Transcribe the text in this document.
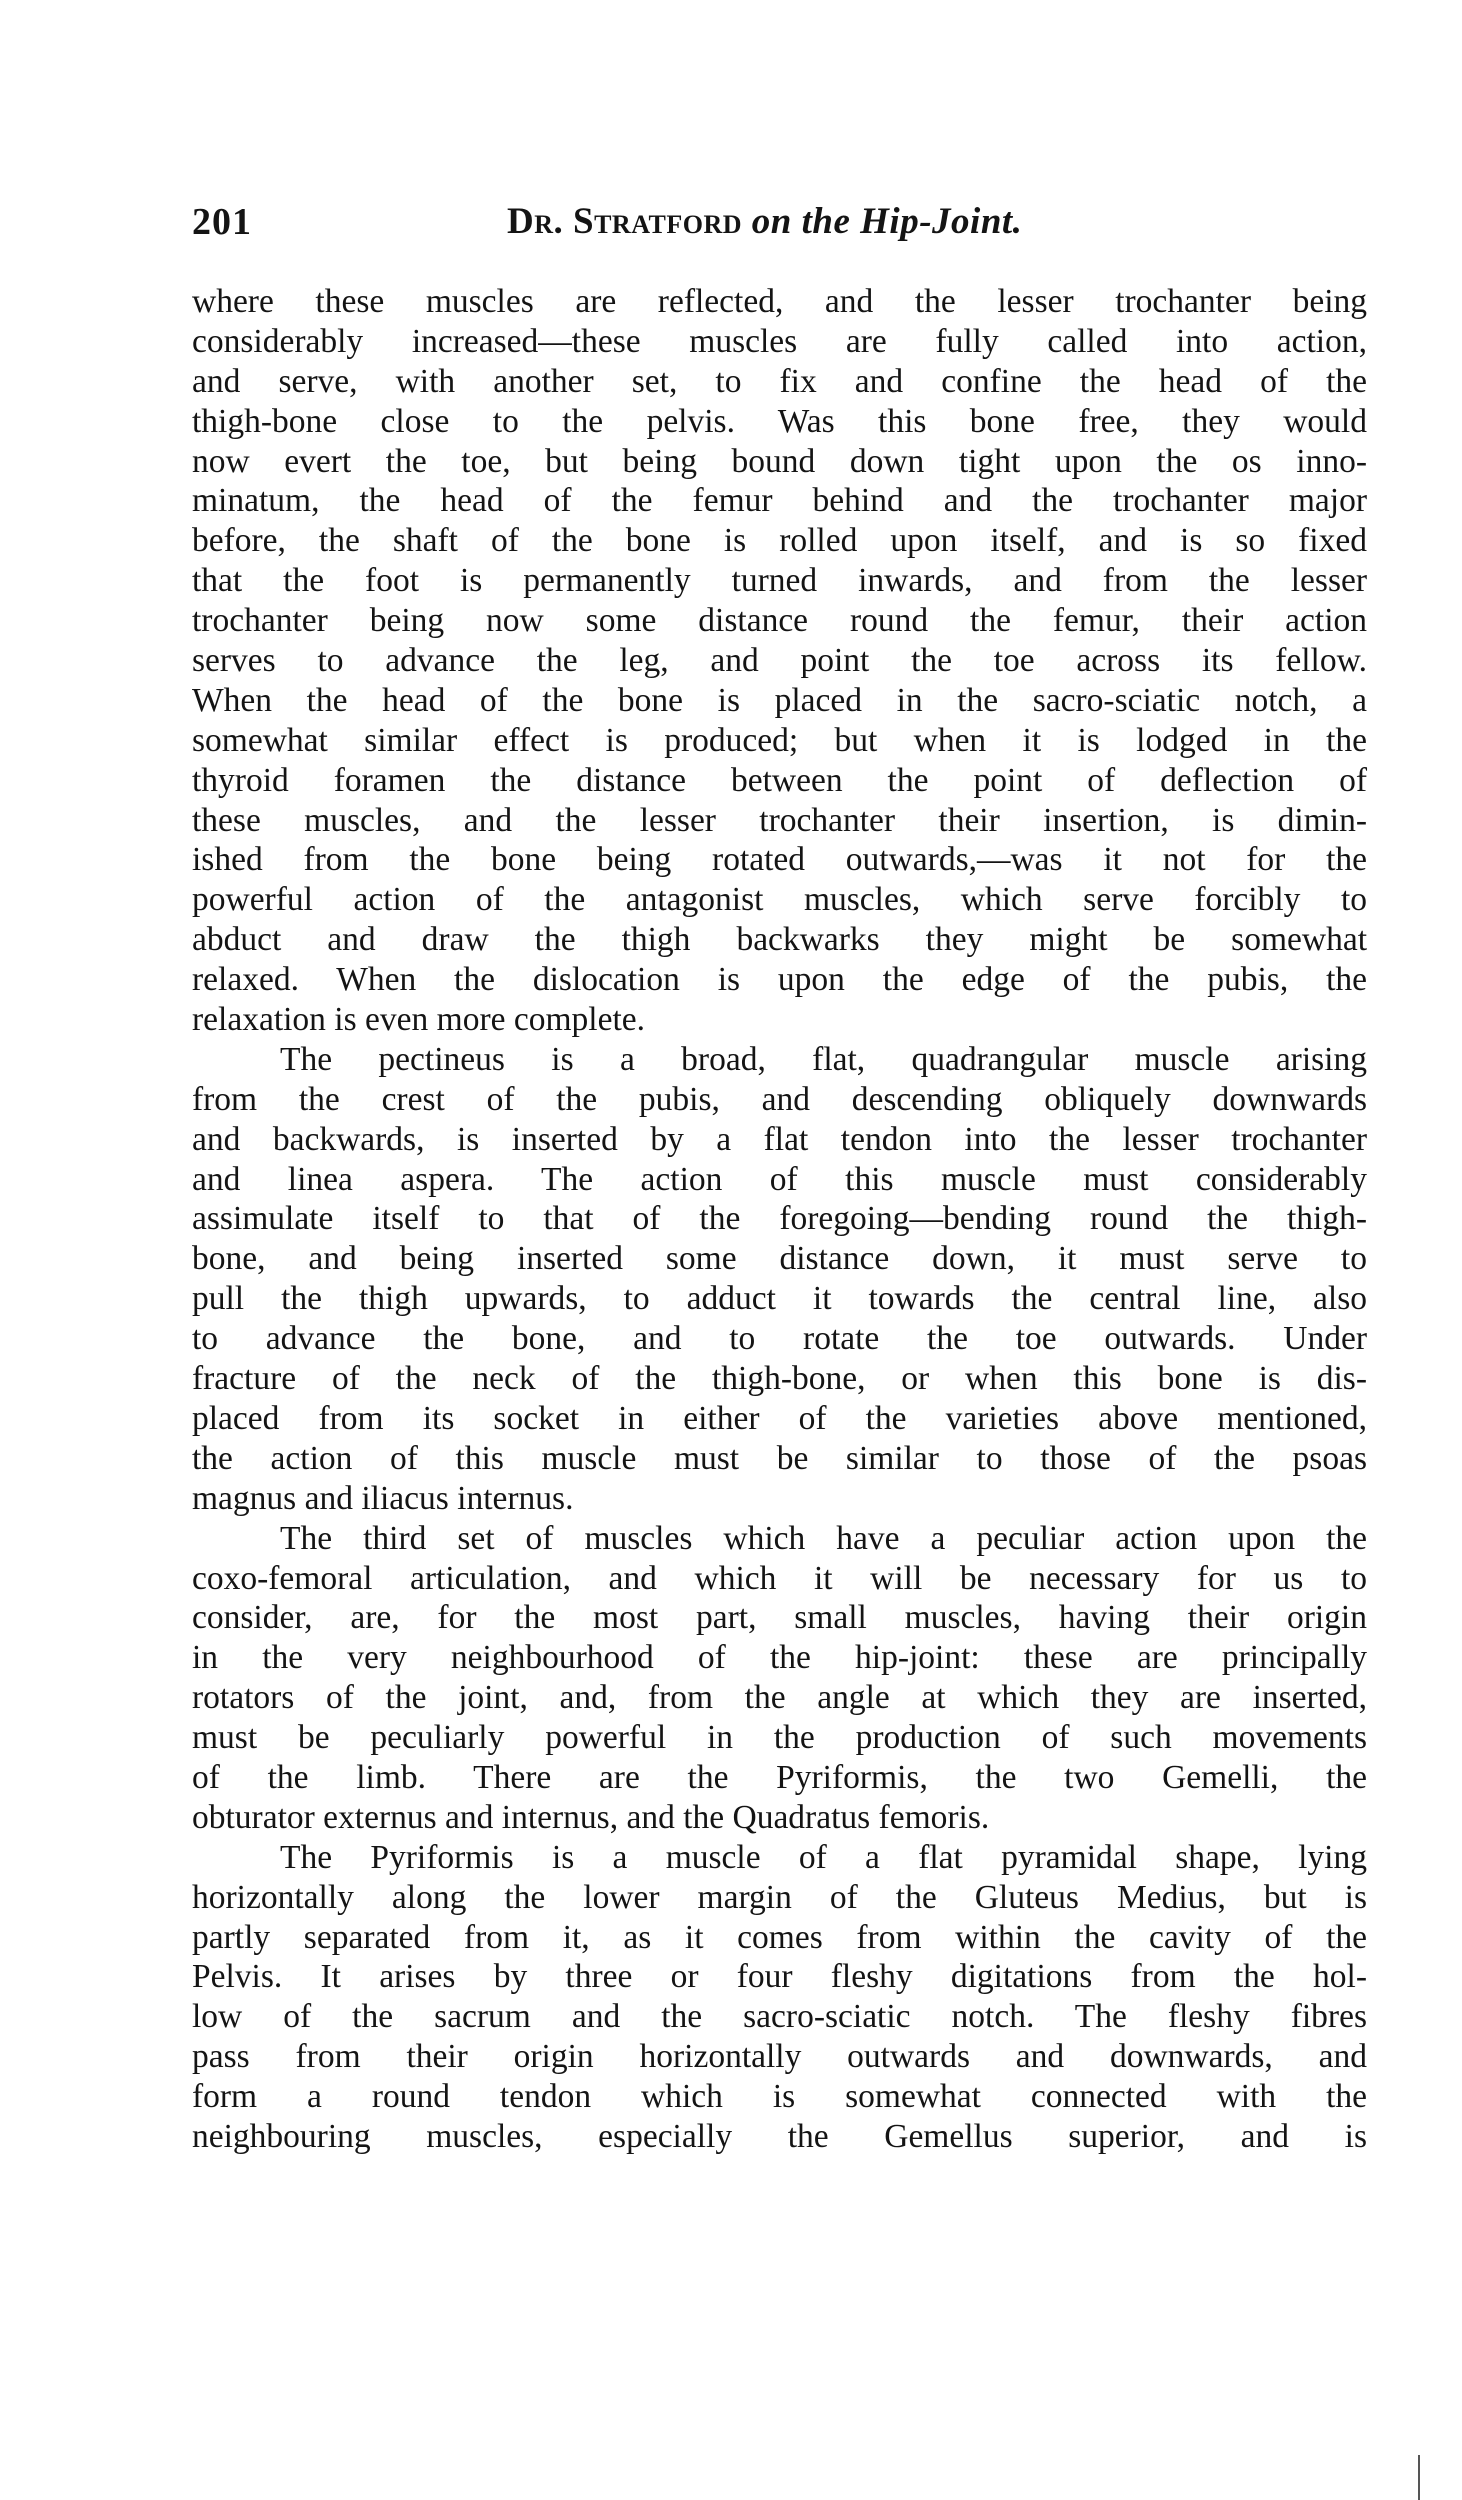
201	Dr. Stratford on the Hip-Joint.
where these muscles are reflected, and the lesser trochanter being
considerably increased—these muscles are fully called into action,
and serve, with another set, to fix and confine the head of the
thigh-bone close to the pelvis. Was this bone free, they would
now evert the toe, but being bound down tight upon the os inno-
minatum, the head of the femur behind and the trochanter major
before, the shaft of the bone is rolled upon itself, and is so fixed
that the foot is permanently turned inwards, and from the lesser
trochanter being now some distance round the femur, their action
serves to advance the leg, and point the toe across its fellow.
When the head of the bone is placed in the sacro-sciatic notch, a
somewhat similar effect is produced; but when it is lodged in the
thyroid foramen the distance between the point of deflection of
these muscles, and the lesser trochanter their insertion, is dimin-
ished from the bone being rotated outwards,—was it not for the
powerful action of the antagonist muscles, which serve forcibly to
abduct and draw the thigh backwarks they might be somewhat
relaxed. When the dislocation is upon the edge of the pubis, the
relaxation is even more complete.
The pectineus is a broad, flat, quadrangular muscle arising
from the crest of the pubis, and descending obliquely downwards
and backwards, is inserted by a flat tendon into the lesser trochanter
and linea aspera. The action of this muscle must considerably
assimulate itself to that of the foregoing—bending round the thigh-
bone, and being inserted some distance down, it must serve to
pull the thigh upwards, to adduct it towards the central line, also
to advance the bone, and to rotate the toe outwards. Under
fracture of the neck of the thigh-bone, or when this bone is dis-
placed from its socket in either of the varieties above mentioned,
the action of this muscle must be similar to those of the psoas
magnus and iliacus internus.
The third set of muscles which have a peculiar action upon the
coxo-femoral articulation, and which it will be necessary for us to
consider, are, for the most part, small muscles, having their origin
in the very neighbourhood of the hip-joint: these are principally
rotators of the joint, and, from the angle at which they are inserted,
must be peculiarly powerful in the production of such movements
of the limb. There are the Pyriformis, the two Gemelli, the
obturator externus and internus, and the Quadratus femoris.
The Pyriformis is a muscle of a flat pyramidal shape, lying
horizontally along the lower margin of the Gluteus Medius, but is
partly separated from it, as it comes from within the cavity of the
Pelvis. It arises by three or four fleshy digitations from the hol-
low of the sacrum and the sacro-sciatic notch. The fleshy fibres
pass from their origin horizontally outwards and downwards, and
form a round tendon which is somewhat connected with the
neighbouring muscles, especially the Gemellus superior, and is
